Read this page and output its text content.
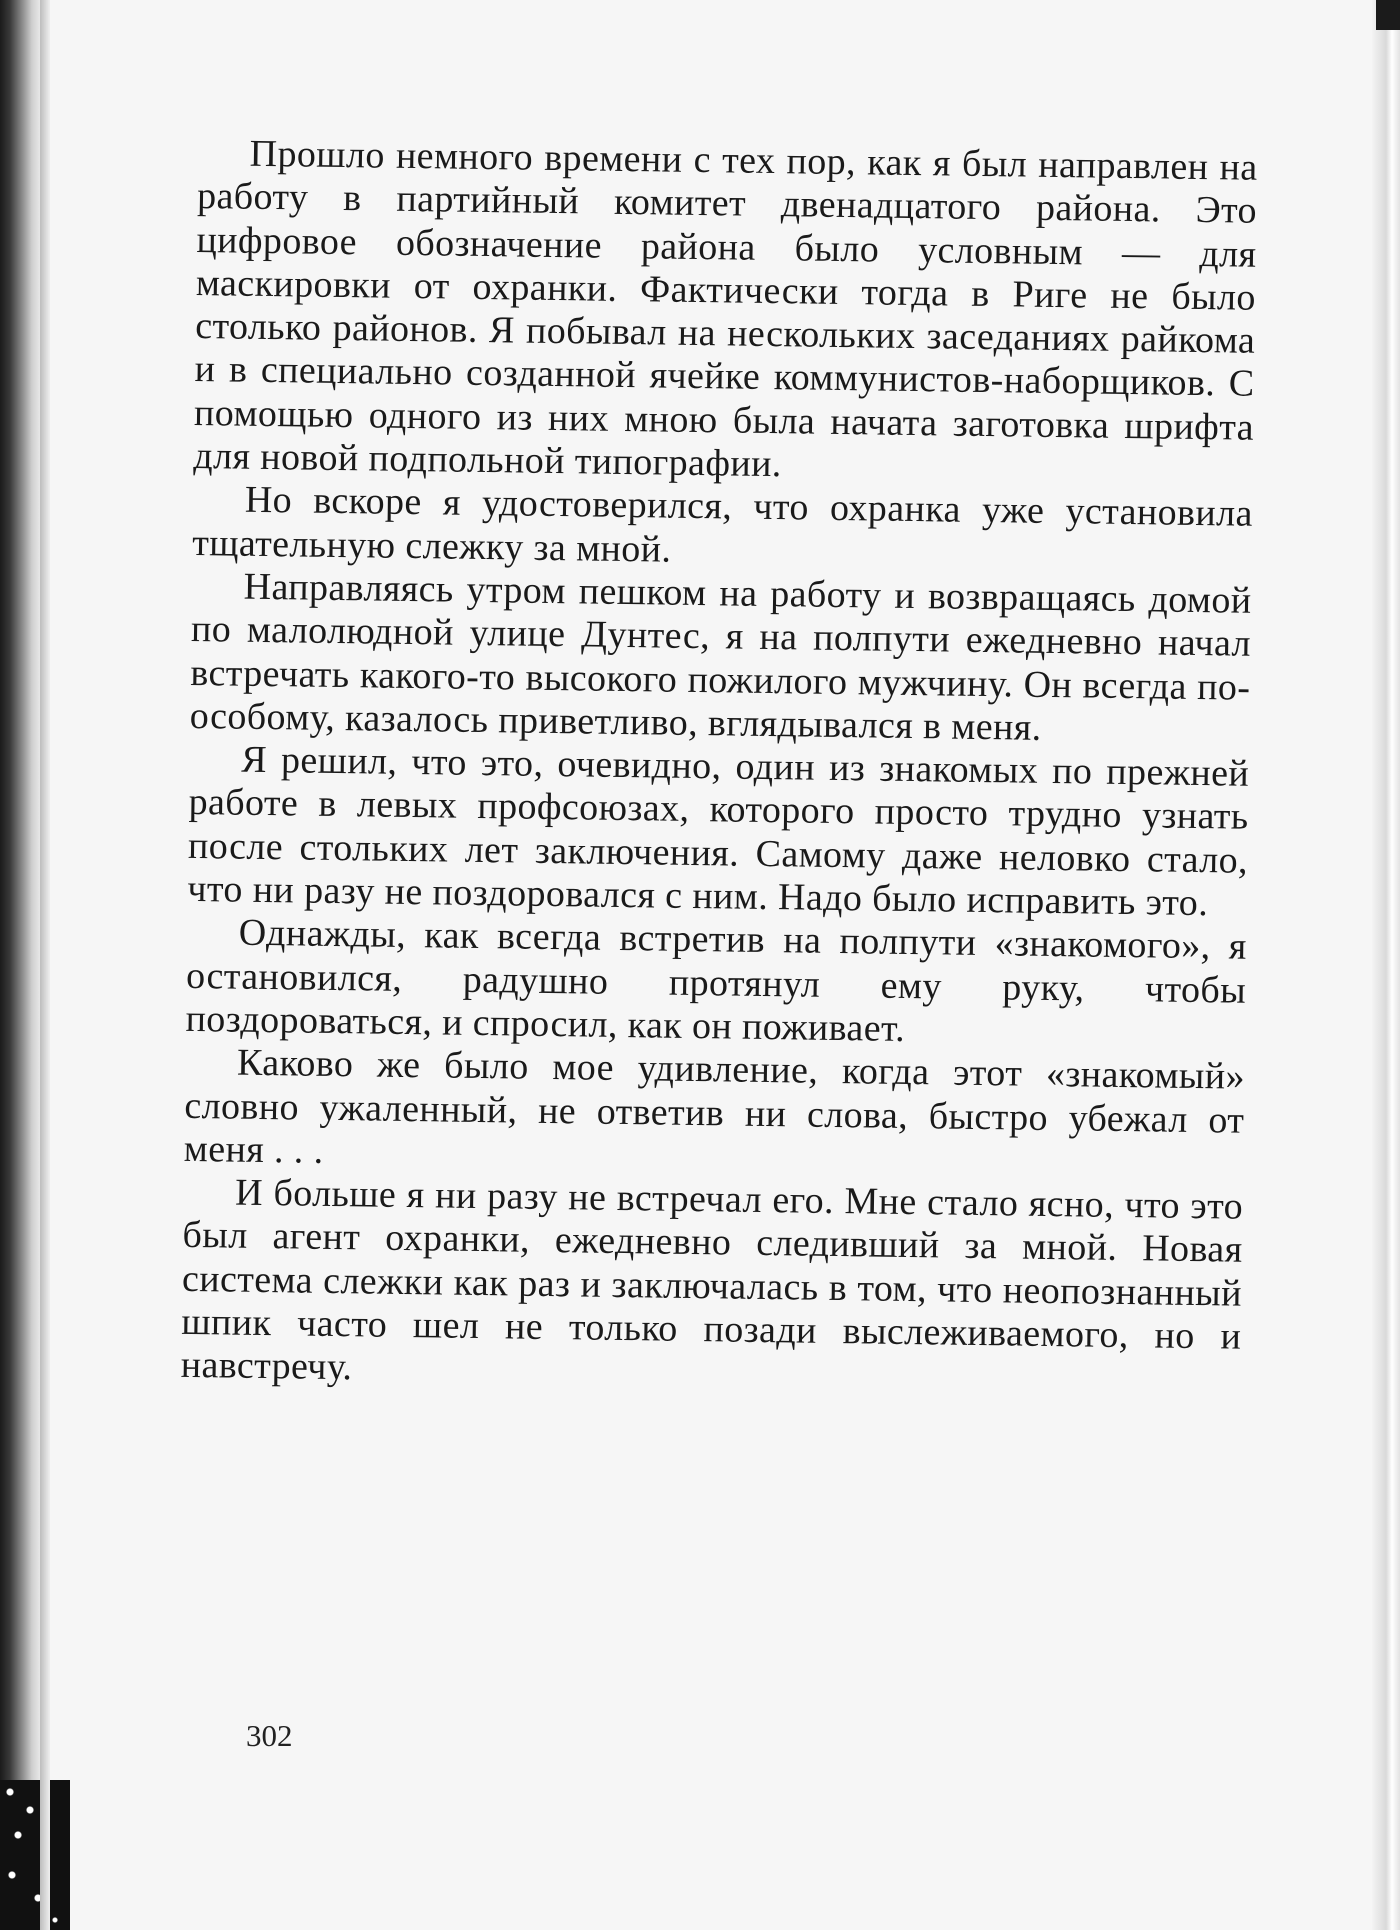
Прошло немного времени с тех пор, как я был направлен на работу в партийный комитет двенадцатого района. Это цифровое обозначение района было условным — для маскировки от охранки. Фактически тогда в Риге не было столько районов. Я побывал на нескольких заседаниях райкома и в специально созданной ячейке коммунистов-наборщиков. С помощью одного из них мною была начата заготовка шрифта для новой подпольной типографии.

Но вскоре я удостоверился, что охранка уже установила тщательную слежку за мной.

Направляясь утром пешком на работу и возвращаясь домой по малолюдной улице Дунтес, я на полпути ежедневно начал встречать какого-то высокого пожилого мужчину. Он всегда по-особому, казалось приветливо, вглядывался в меня.

Я решил, что это, очевидно, один из знакомых по прежней работе в левых профсоюзах, которого просто трудно узнать после стольких лет заключения. Самому даже неловко стало, что ни разу не поздоровался с ним. Надо было исправить это.

Однажды, как всегда встретив на полпути «знакомого», я остановился, радушно протянул ему руку, чтобы поздороваться, и спросил, как он поживает.

Каково же было мое удивление, когда этот «знакомый» словно ужаленный, не ответив ни слова, быстро убежал от меня . . .

И больше я ни разу не встречал его. Мне стало ясно, что это был агент охранки, ежедневно следивший за мной. Новая система слежки как раз и заключалась в том, что неопознанный шпик часто шел не только позади выслеживаемого, но и навстречу.

302
